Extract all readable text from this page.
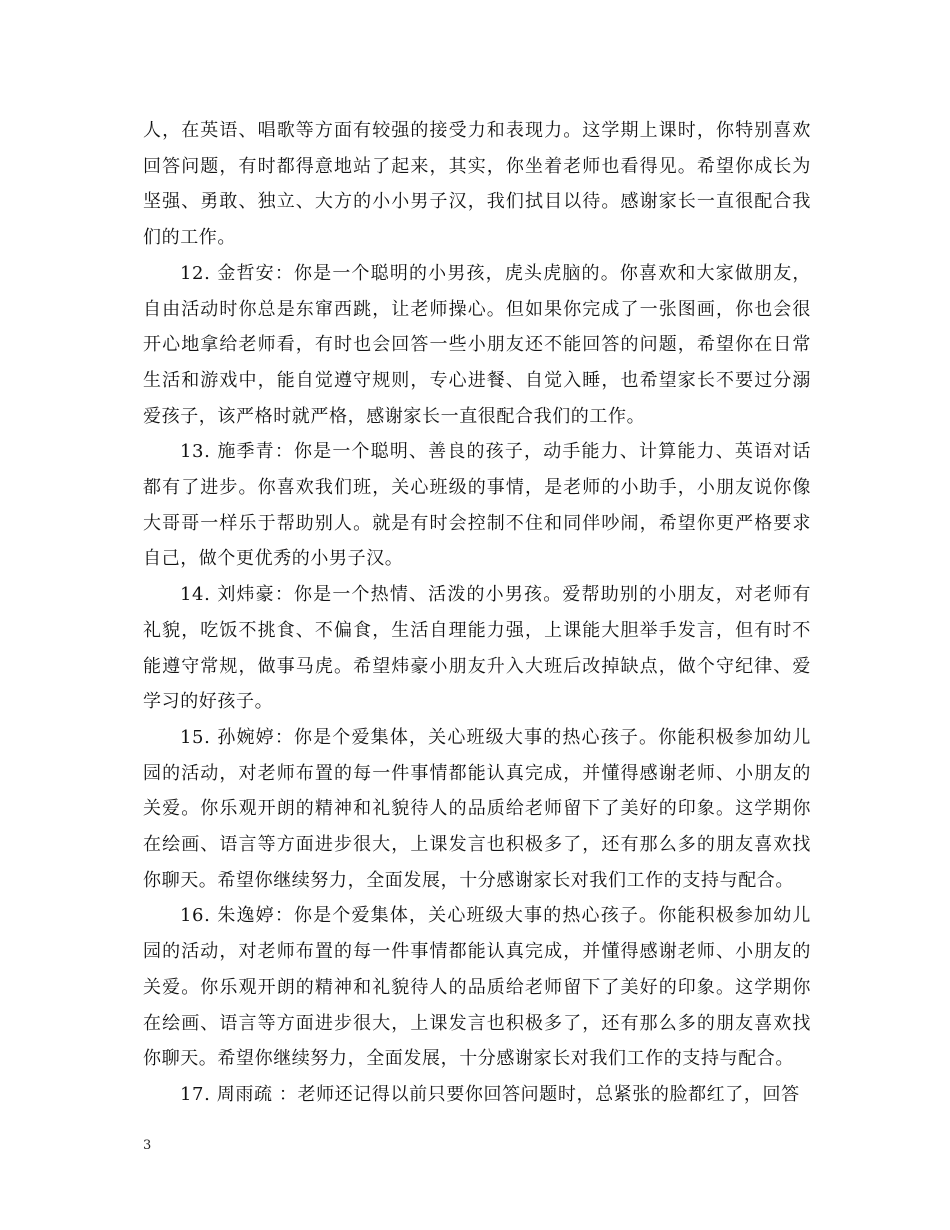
人，在英语、唱歌等方面有较强的接受力和表现力。这学期上课时，你特别喜欢回答问题，有时都得意地站了起来，其实，你坐着老师也看得见。希望你成长为坚强、勇敢、独立、大方的小小男子汉，我们拭目以待。感谢家长一直很配合我们的工作。

12. 金哲安：你是一个聪明的小男孩，虎头虎脑的。你喜欢和大家做朋友，自由活动时你总是东窜西跳，让老师操心。但如果你完成了一张图画，你也会很开心地拿给老师看，有时也会回答一些小朋友还不能回答的问题，希望你在日常生活和游戏中，能自觉遵守规则，专心进餐、自觉入睡，也希望家长不要过分溺爱孩子，该严格时就严格，感谢家长一直很配合我们的工作。

13. 施季青：你是一个聪明、善良的孩子，动手能力、计算能力、英语对话都有了进步。你喜欢我们班，关心班级的事情，是老师的小助手，小朋友说你像大哥哥一样乐于帮助别人。就是有时会控制不住和同伴吵闹，希望你更严格要求自己，做个更优秀的小男子汉。

14. 刘炜豪：你是一个热情、活泼的小男孩。爱帮助别的小朋友，对老师有礼貌，吃饭不挑食、不偏食，生活自理能力强，上课能大胆举手发言，但有时不能遵守常规，做事马虎。希望炜豪小朋友升入大班后改掉缺点，做个守纪律、爱学习的好孩子。

15. 孙婉婷：你是个爱集体，关心班级大事的热心孩子。你能积极参加幼儿园的活动，对老师布置的每一件事情都能认真完成，并懂得感谢老师、小朋友的关爱。你乐观开朗的精神和礼貌待人的品质给老师留下了美好的印象。这学期你在绘画、语言等方面进步很大，上课发言也积极多了，还有那么多的朋友喜欢找你聊天。希望你继续努力，全面发展，十分感谢家长对我们工作的支持与配合。

16. 朱逸婷：你是个爱集体，关心班级大事的热心孩子。你能积极参加幼儿园的活动，对老师布置的每一件事情都能认真完成，并懂得感谢老师、小朋友的关爱。你乐观开朗的精神和礼貌待人的品质给老师留下了美好的印象。这学期你在绘画、语言等方面进步很大，上课发言也积极多了，还有那么多的朋友喜欢找你聊天。希望你继续努力，全面发展，十分感谢家长对我们工作的支持与配合。

17. 周雨疏 ：老师还记得以前只要你回答问题时，总紧张的脸都红了，回答

3
